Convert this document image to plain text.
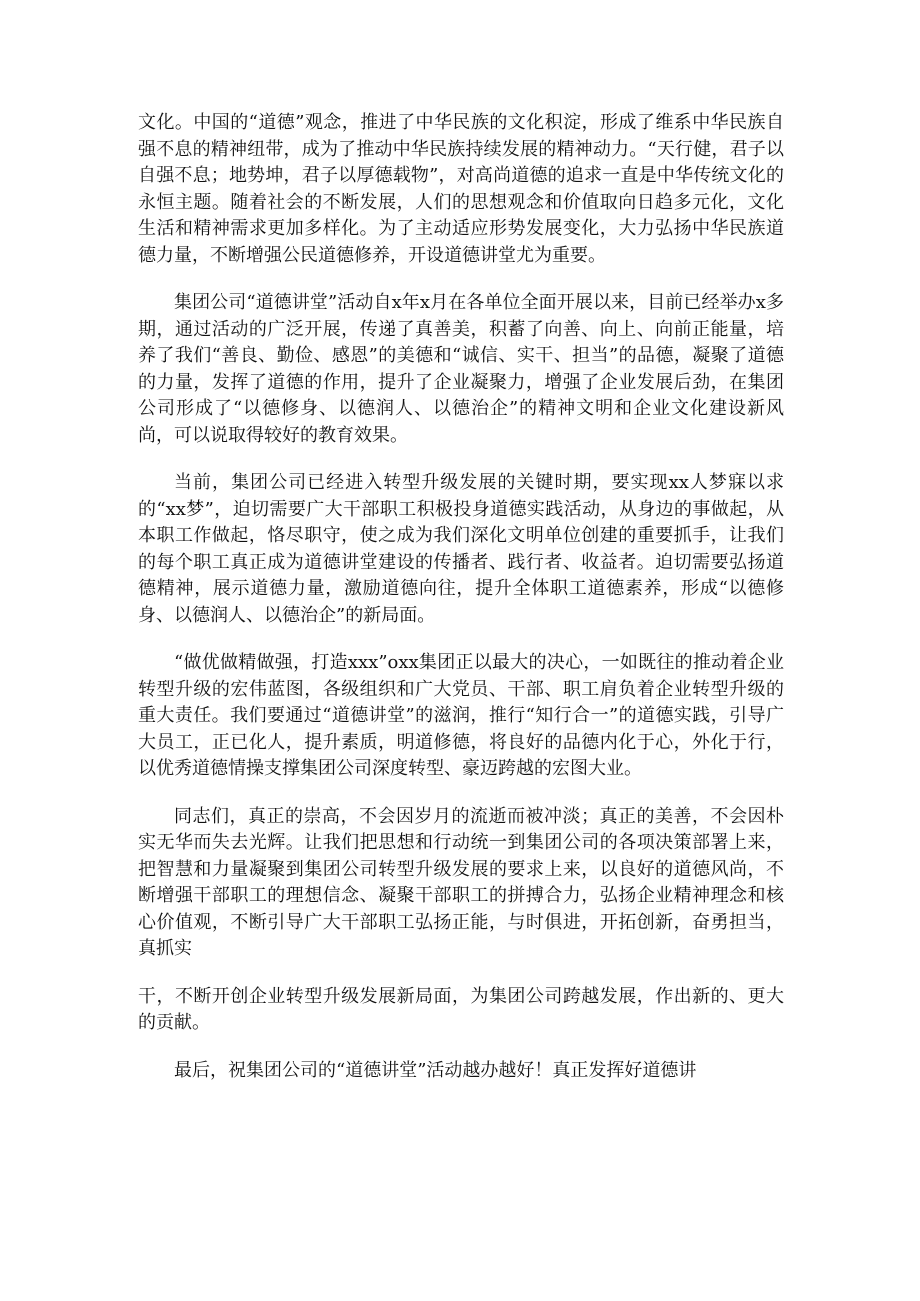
文化。中国的“道德”观念，推进了中华民族的文化积淀，形成了维系中华民族自强不息的精神纽带，成为了推动中华民族持续发展的精神动力。“天行健，君子以自强不息；地势坤，君子以厚德载物”，对高尚道德的追求一直是中华传统文化的永恒主题。随着社会的不断发展，人们的思想观念和价值取向日趋多元化，文化生活和精神需求更加多样化。为了主动适应形势发展变化，大力弘扬中华民族道德力量，不断增强公民道德修养，开设道德讲堂尤为重要。

集团公司“道德讲堂”活动自x年x月在各单位全面开展以来，目前已经举办x多期，通过活动的广泛开展，传递了真善美，积蓄了向善、向上、向前正能量，培养了我们“善良、勤俭、感恩”的美德和“诚信、实干、担当”的品德，凝聚了道德的力量，发挥了道德的作用，提升了企业凝聚力，增强了企业发展后劲，在集团公司形成了“以德修身、以德润人、以德治企”的精神文明和企业文化建设新风尚，可以说取得较好的教育效果。

当前，集团公司已经进入转型升级发展的关键时期，要实现xx人梦寐以求的“xx梦”，迫切需要广大干部职工积极投身道德实践活动，从身边的事做起，从本职工作做起，恪尽职守，使之成为我们深化文明单位创建的重要抓手，让我们的每个职工真正成为道德讲堂建设的传播者、践行者、收益者。迫切需要弘扬道德精神，展示道德力量，激励道德向往，提升全体职工道德素养，形成“以德修身、以德润人、以德治企”的新局面。

“做优做精做强，打造xxx”oxx集团正以最大的决心，一如既往的推动着企业转型升级的宏伟蓝图，各级组织和广大党员、干部、职工肩负着企业转型升级的重大责任。我们要通过“道德讲堂”的滋润，推行“知行合一”的道德实践，引导广大员工，正已化人，提升素质，明道修德，将良好的品德内化于心，外化于行，以优秀道德情操支撑集团公司深度转型、豪迈跨越的宏图大业。

同志们，真正的崇高，不会因岁月的流逝而被冲淡；真正的美善，不会因朴实无华而失去光辉。让我们把思想和行动统一到集团公司的各项决策部署上来，把智慧和力量凝聚到集团公司转型升级发展的要求上来，以良好的道德风尚，不断增强干部职工的理想信念、凝聚干部职工的拼搏合力，弘扬企业精神理念和核心价值观，不断引导广大干部职工弘扬正能，与时俱进，开拓创新，奋勇担当，真抓实

干，不断开创企业转型升级发展新局面，为集团公司跨越发展，作出新的、更大的贡献。

最后，祝集团公司的“道德讲堂”活动越办越好！真正发挥好道德讲
